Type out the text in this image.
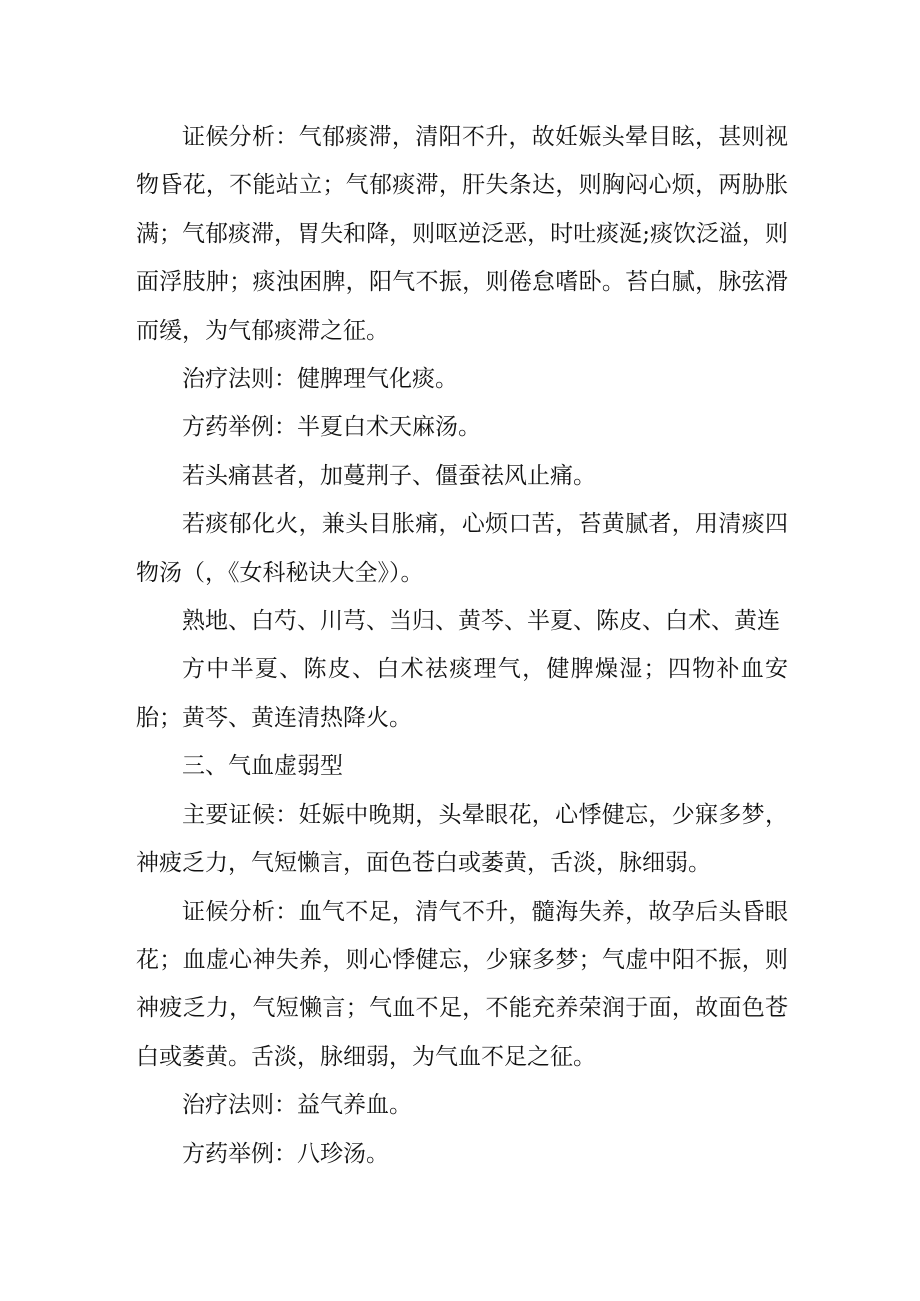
证候分析：气郁痰滞，清阳不升，故妊娠头晕目眩，甚则视物昏花，不能站立；气郁痰滞，肝失条达，则胸闷心烦，两胁胀满；气郁痰滞，胃失和降，则呕逆泛恶，时吐痰涎;痰饮泛溢，则面浮肢肿；痰浊困脾，阳气不振，则倦怠嗜卧。苔白腻，脉弦滑而缓，为气郁痰滞之征。

治疗法则：健脾理气化痰。

方药举例：半夏白术天麻汤。

若头痛甚者，加蔓荆子、僵蚕祛风止痛。

若痰郁化火，兼头目胀痛，心烦口苦，苔黄腻者，用清痰四物汤（，《女科秘诀大全》）。

熟地、白芍、川芎、当归、黄芩、半夏、陈皮、白术、黄连

方中半夏、陈皮、白术祛痰理气，健脾燥湿；四物补血安胎；黄芩、黄连清热降火。

三、气血虚弱型

主要证候：妊娠中晚期，头晕眼花，心悸健忘，少寐多梦，神疲乏力，气短懒言，面色苍白或萎黄，舌淡，脉细弱。

证候分析：血气不足，清气不升，髓海失养，故孕后头昏眼花；血虚心神失养，则心悸健忘，少寐多梦；气虚中阳不振，则神疲乏力，气短懒言；气血不足，不能充养荣润于面，故面色苍白或萎黄。舌淡，脉细弱，为气血不足之征。

治疗法则：益气养血。

方药举例：八珍汤。
